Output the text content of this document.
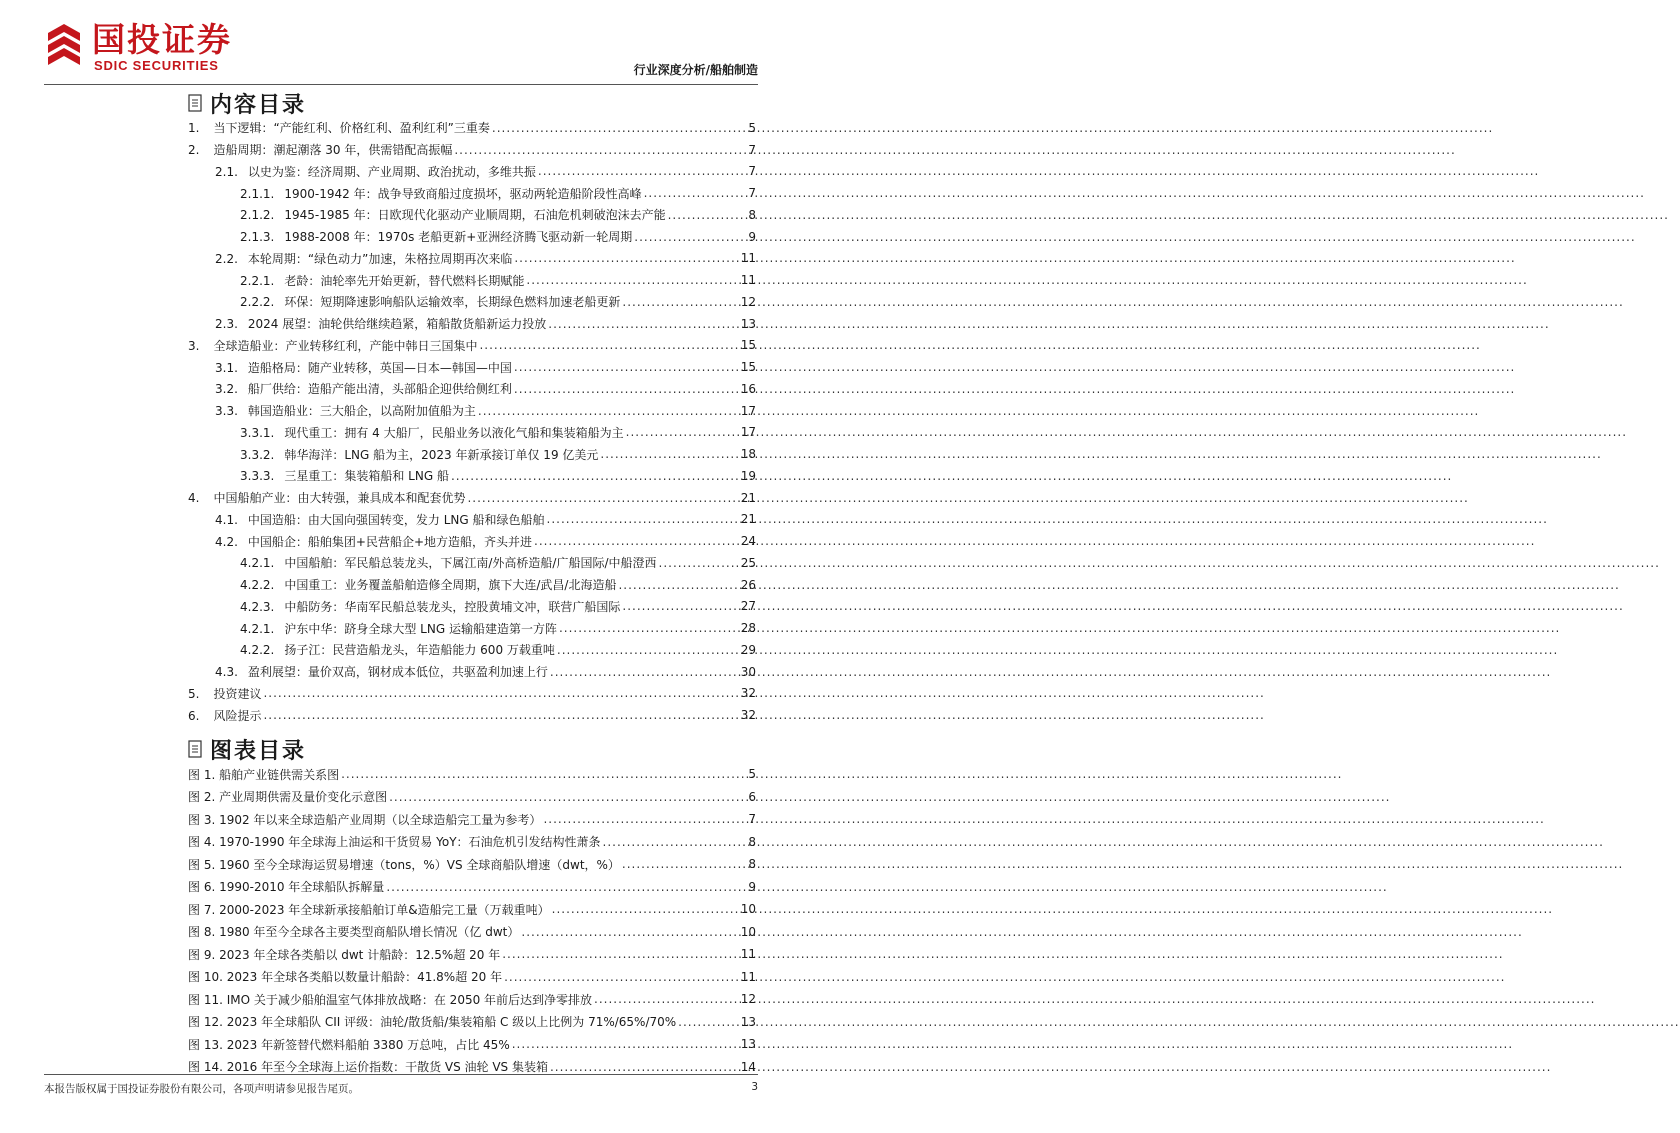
国投证券
SDIC SECURITIES	行业深度分析/船舶制造
内容目录
1. 当下逻辑：“产能红利、价格红利、盈利红利”三重奏 .....	5
2. 造船周期：潮起潮落 30 年，供需错配高振幅 .....	7
2.1. 以史为鉴：经济周期、产业周期、政治扰动，多维共振 .....	7
2.1.1. 1900-1942 年：战争导致商船过度损坏，驱动两轮造船阶段性高峰 .....	7
2.1.2. 1945-1985 年：日欧现代化驱动产业顺周期，石油危机刺破泡沫去产能 .....	8
2.1.3. 1988-2008 年：1970s 老船更新+亚洲经济腾飞驱动新一轮周期 .....	9
2.2. 本轮周期：“绿色动力”加速，朱格拉周期再次来临 .....	11
2.2.1. 老龄：油轮率先开始更新，替代燃料长期赋能 .....	11
2.2.2. 环保：短期降速影响船队运输效率，长期绿色燃料加速老船更新 .....	12
2.3. 2024 展望：油轮供给继续趋紧，箱船散货船新运力投放 .....	13
3. 全球造船业：产业转移红利，产能中韩日三国集中 .....	15
3.1. 造船格局：随产业转移，英国—日本—韩国—中国 .....	15
3.2. 船厂供给：造船产能出清，头部船企迎供给侧红利 .....	16
3.3. 韩国造船业：三大船企，以高附加值船为主 .....	17
3.3.1. 现代重工：拥有 4 大船厂，民船业务以液化气船和集装箱船为主 .....	17
3.3.2. 韩华海洋：LNG 船为主，2023 年新承接订单仅 19 亿美元 .....	18
3.3.3. 三星重工：集装箱船和 LNG 船 .....	19
4. 中国船舶产业：由大转强，兼具成本和配套优势 .....	21
4.1. 中国造船：由大国向强国转变，发力 LNG 船和绿色船舶 .....	21
4.2. 中国船企：船舶集团+民营船企+地方造船，齐头并进 .....	24
4.2.1. 中国船舶：军民船总装龙头，下属江南/外高桥造船/广船国际/中船澄西 .....	25
4.2.2. 中国重工：业务覆盖船舶造修全周期，旗下大连/武昌/北海造船 .....	26
4.2.3. 中船防务：华南军民船总装龙头，控股黄埔文冲，联营广船国际 .....	27
4.2.1. 沪东中华：跻身全球大型 LNG 运输船建造第一方阵 .....	28
4.2.2. 扬子江：民营造船龙头，年造船能力 600 万载重吨 .....	29
4.3. 盈利展望：量价双高，钢材成本低位，共驱盈利加速上行 .....	30
5. 投资建议 .....	32
6. 风险提示 .....	32
图表目录
图 1. 船舶产业链供需关系图 .....	5
图 2. 产业周期供需及量价变化示意图 .....	6
图 3. 1902 年以来全球造船产业周期（以全球造船完工量为参考） .....	7
图 4. 1970-1990 年全球海上油运和干货贸易 YoY：石油危机引发结构性萧条 .....	8
图 5. 1960 至今全球海运贸易增速（tons，%）VS 全球商船队增速（dwt，%） .....	8
图 6. 1990-2010 年全球船队拆解量 .....	9
图 7. 2000-2023 年全球新承接船舶订单&造船完工量（万载重吨） .....	10
图 8. 1980 年至今全球各主要类型商船队增长情况（亿 dwt） .....	10
图 9. 2023 年全球各类船以 dwt 计船龄：12.5%超 20 年 .....	11
图 10. 2023 年全球各类船以数量计船龄：41.8%超 20 年 .....	11
图 11. IMO 关于减少船舶温室气体排放战略：在 2050 年前后达到净零排放 .....	12
图 12. 2023 年全球船队 CII 评级：油轮/散货船/集装箱船 C 级以上比例为 71%/65%/70% .....	13
图 13. 2023 年新签替代燃料船舶 3380 万总吨，占比 45% .....	13
图 14. 2016 年至今全球海上运价指数：干散货 VS 油轮 VS 集装箱 .....	14
本报告版权属于国投证券股份有限公司，各项声明请参见报告尾页。	3
